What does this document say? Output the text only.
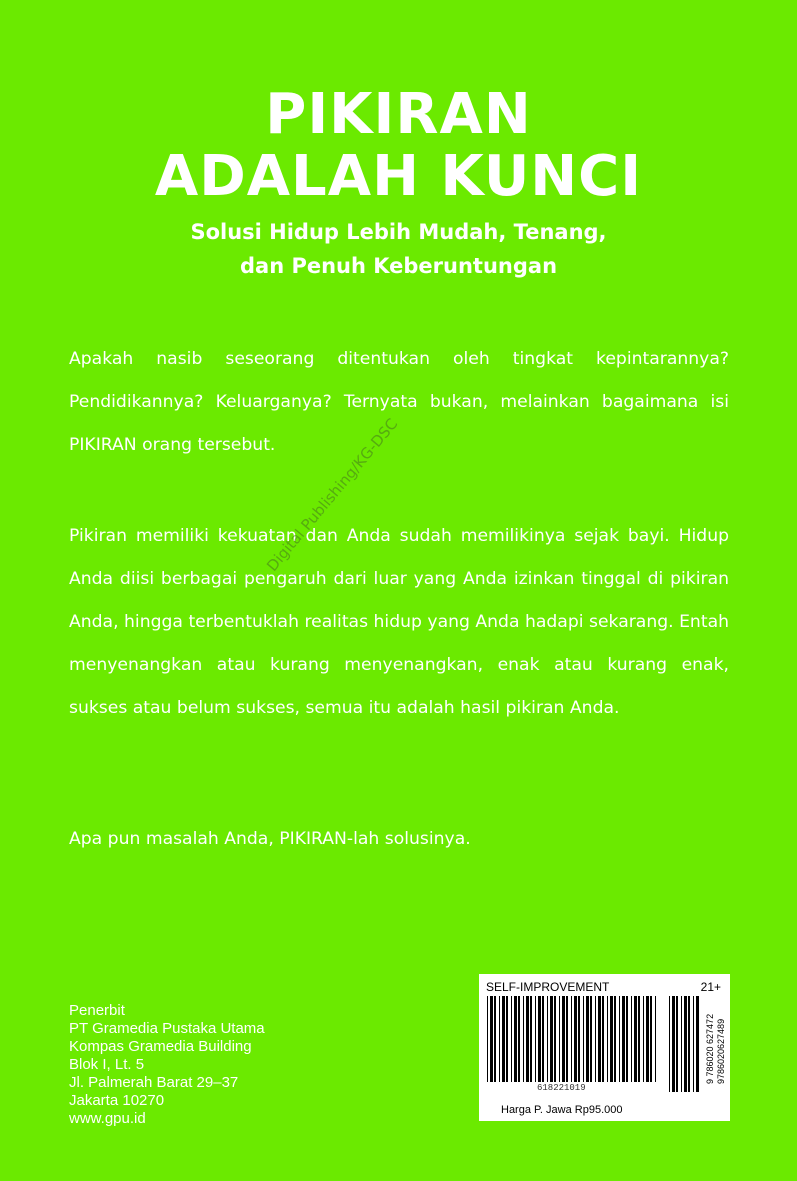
PIKIRAN
ADALAH KUNCI
Solusi Hidup Lebih Mudah, Tenang,
dan Penuh Keberuntungan
Apakah nasib seseorang ditentukan oleh tingkat kepintarannya? Pendidikannya? Keluarganya? Ternyata bukan, melainkan bagaimana isi PIKIRAN orang tersebut.
Pikiran memiliki kekuatan dan Anda sudah memilikinya sejak bayi. Hidup Anda diisi berbagai pengaruh dari luar yang Anda izinkan tinggal di pikiran Anda, hingga terbentuklah realitas hidup yang Anda hadapi sekarang. Entah menyenangkan atau kurang menyenangkan, enak atau kurang enak, sukses atau belum sukses, semua itu adalah hasil pikiran Anda.
Apa pun masalah Anda, PIKIRAN-lah solusinya.
Digital Publishing/KG-DSC
Penerbit
PT Gramedia Pustaka Utama
Kompas Gramedia Building
Blok I, Lt. 5
Jl. Palmerah Barat 29–37
Jakarta 10270
www.gpu.id
SELF-IMPROVEMENT	21+
618221019
Harga P. Jawa Rp95.000
9 786020 627472 9786020627489
